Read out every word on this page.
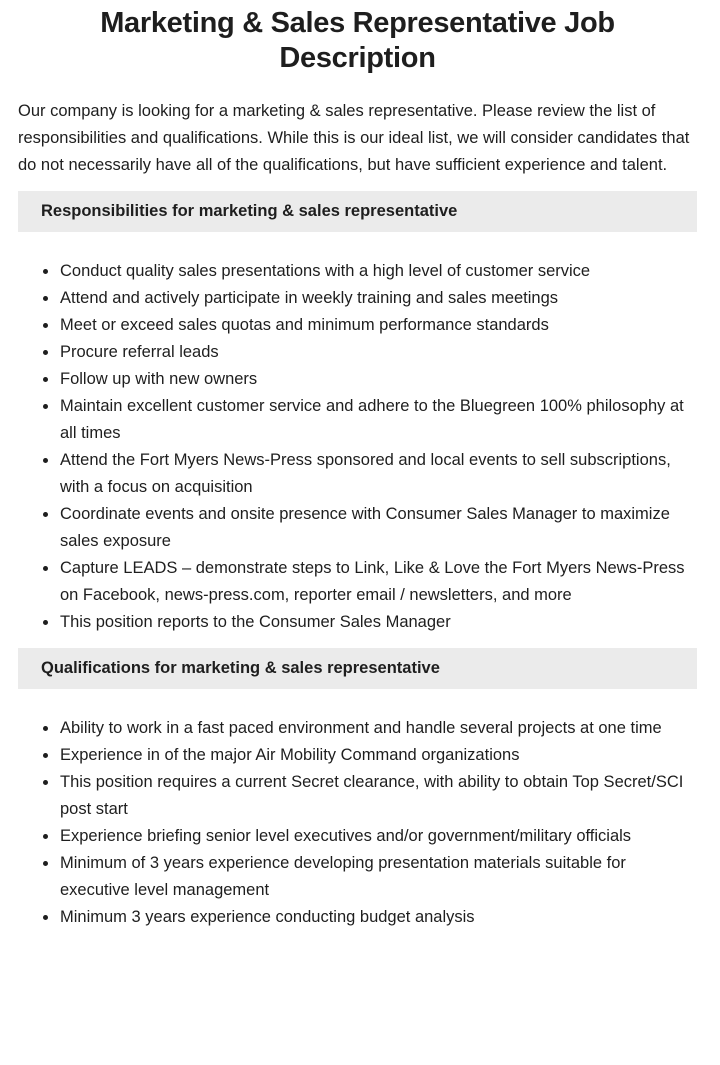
Marketing & Sales Representative Job Description

Our company is looking for a marketing & sales representative. Please review the list of responsibilities and qualifications. While this is our ideal list, we will consider candidates that do not necessarily have all of the qualifications, but have sufficient experience and talent.

Responsibilities for marketing & sales representative
Conduct quality sales presentations with a high level of customer service
Attend and actively participate in weekly training and sales meetings
Meet or exceed sales quotas and minimum performance standards
Procure referral leads
Follow up with new owners
Maintain excellent customer service and adhere to the Bluegreen 100% philosophy at all times
Attend the Fort Myers News-Press sponsored and local events to sell subscriptions, with a focus on acquisition
Coordinate events and onsite presence with Consumer Sales Manager to maximize sales exposure
Capture LEADS – demonstrate steps to Link, Like & Love the Fort Myers News-Press on Facebook, news-press.com, reporter email / newsletters, and more
This position reports to the Consumer Sales Manager
Qualifications for marketing & sales representative
Ability to work in a fast paced environment and handle several projects at one time
Experience in of the major Air Mobility Command organizations
This position requires a current Secret clearance, with ability to obtain Top Secret/SCI post start
Experience briefing senior level executives and/or government/military officials
Minimum of 3 years experience developing presentation materials suitable for executive level management
Minimum 3 years experience conducting budget analysis
